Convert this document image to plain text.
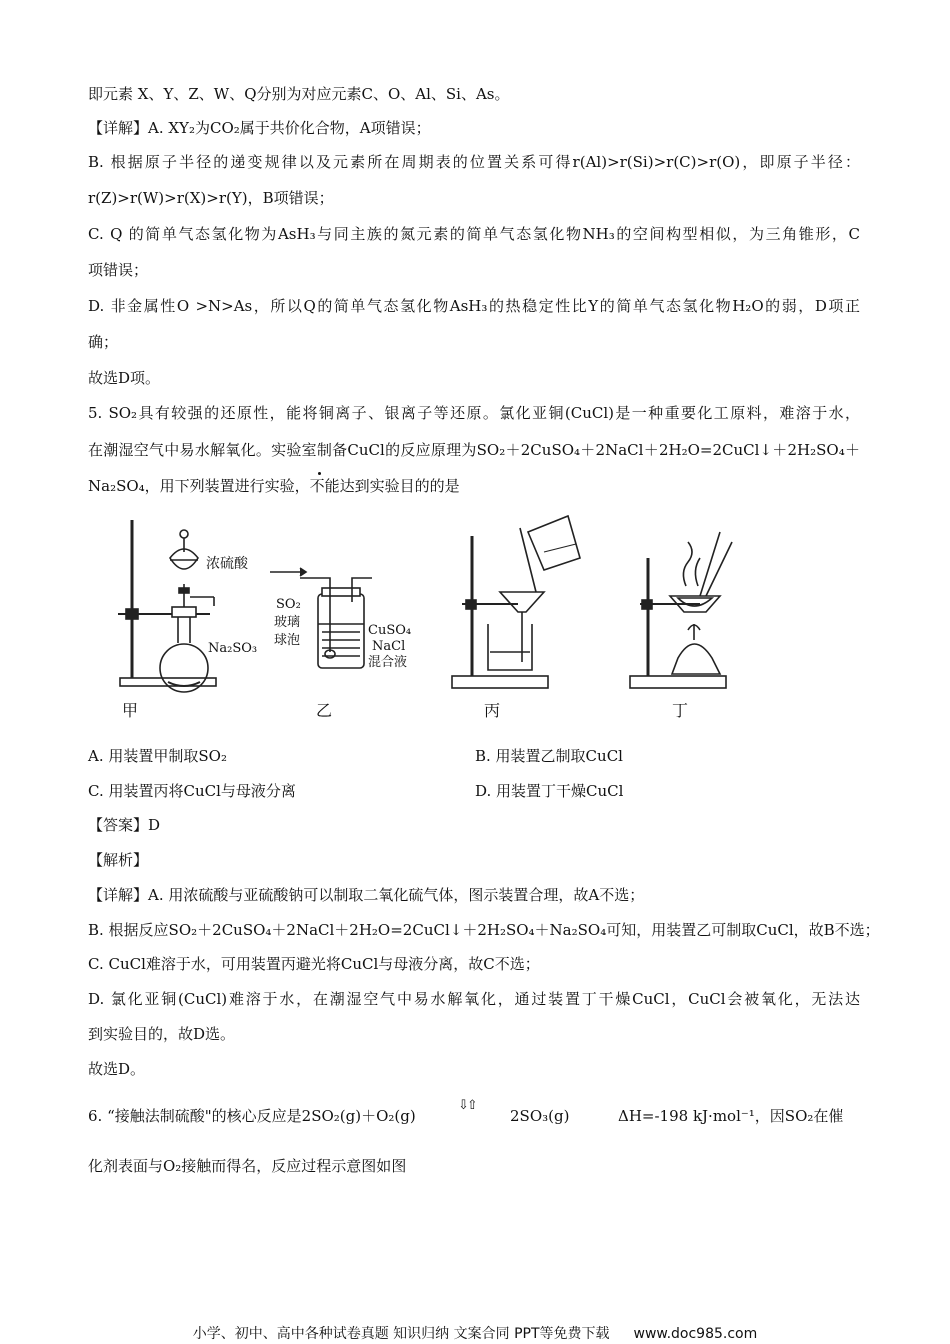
即元素 X、Y、Z、W、Q分别为对应元素C、O、Al、Si、As。
【详解】A. XY₂为CO₂属于共价化合物，A项错误；
B. 根据原子半径的递变规律以及元素所在周期表的位置关系可得r(Al)>r(Si)>r(C)>r(O)，即原子半径：
r(Z)>r(W)>r(X)>r(Y)，B项错误；
C. Q 的简单气态氢化物为AsH₃与同主族的氮元素的简单气态氢化物NH₃的空间构型相似，为三角锥形，C
项错误；
D. 非金属性O >N>As，所以Q的简单气态氢化物AsH₃的热稳定性比Y的简单气态氢化物H₂O的弱，D项正
确；
故选D项。
5. SO₂具有较强的还原性，能将铜离子、银离子等还原。氯化亚铜(CuCl)是一种重要化工原料，难溶于水，
在潮湿空气中易水解氧化。实验室制备CuCl的反应原理为SO₂＋2CuSO₄＋2NaCl＋2H₂O=2CuCl↓＋2H₂SO₄＋
Na₂SO₄，用下列装置进行实验，不能达到实验目的的是
浓硫酸
Na₂SO₃
SO₂
玻璃
球泡
CuSO₄
NaCl
混合液
甲	乙	丙	丁
A. 用装置甲制取SO₂	B. 用装置乙制取CuCl
C. 用装置丙将CuCl与母液分离	D. 用装置丁干燥CuCl
【答案】D
【解析】
【详解】A. 用浓硫酸与亚硫酸钠可以制取二氧化硫气体，图示装置合理，故A不选；
B. 根据反应SO₂＋2CuSO₄＋2NaCl＋2H₂O=2CuCl↓＋2H₂SO₄＋Na₂SO₄可知，用装置乙可制取CuCl，故B不选；
C. CuCl难溶于水，可用装置丙避光将CuCl与母液分离，故C不选；
D. 氯化亚铜(CuCl)难溶于水，在潮湿空气中易水解氧化，通过装置丁干燥CuCl，CuCl会被氧化，无法达
到实验目的，故D选。
故选D。
6. “接触法制硫酸"的核心反应是2SO₂(g)＋O₂(g)
⇩⇧
2SO₃(g)	ΔH=-198 kJ·mol⁻¹，因SO₂在催
化剂表面与O₂接触而得名，反应过程示意图如图
小学、初中、高中各种试卷真题 知识归纳 文案合同 PPT等免费下载 www.doc985.com
